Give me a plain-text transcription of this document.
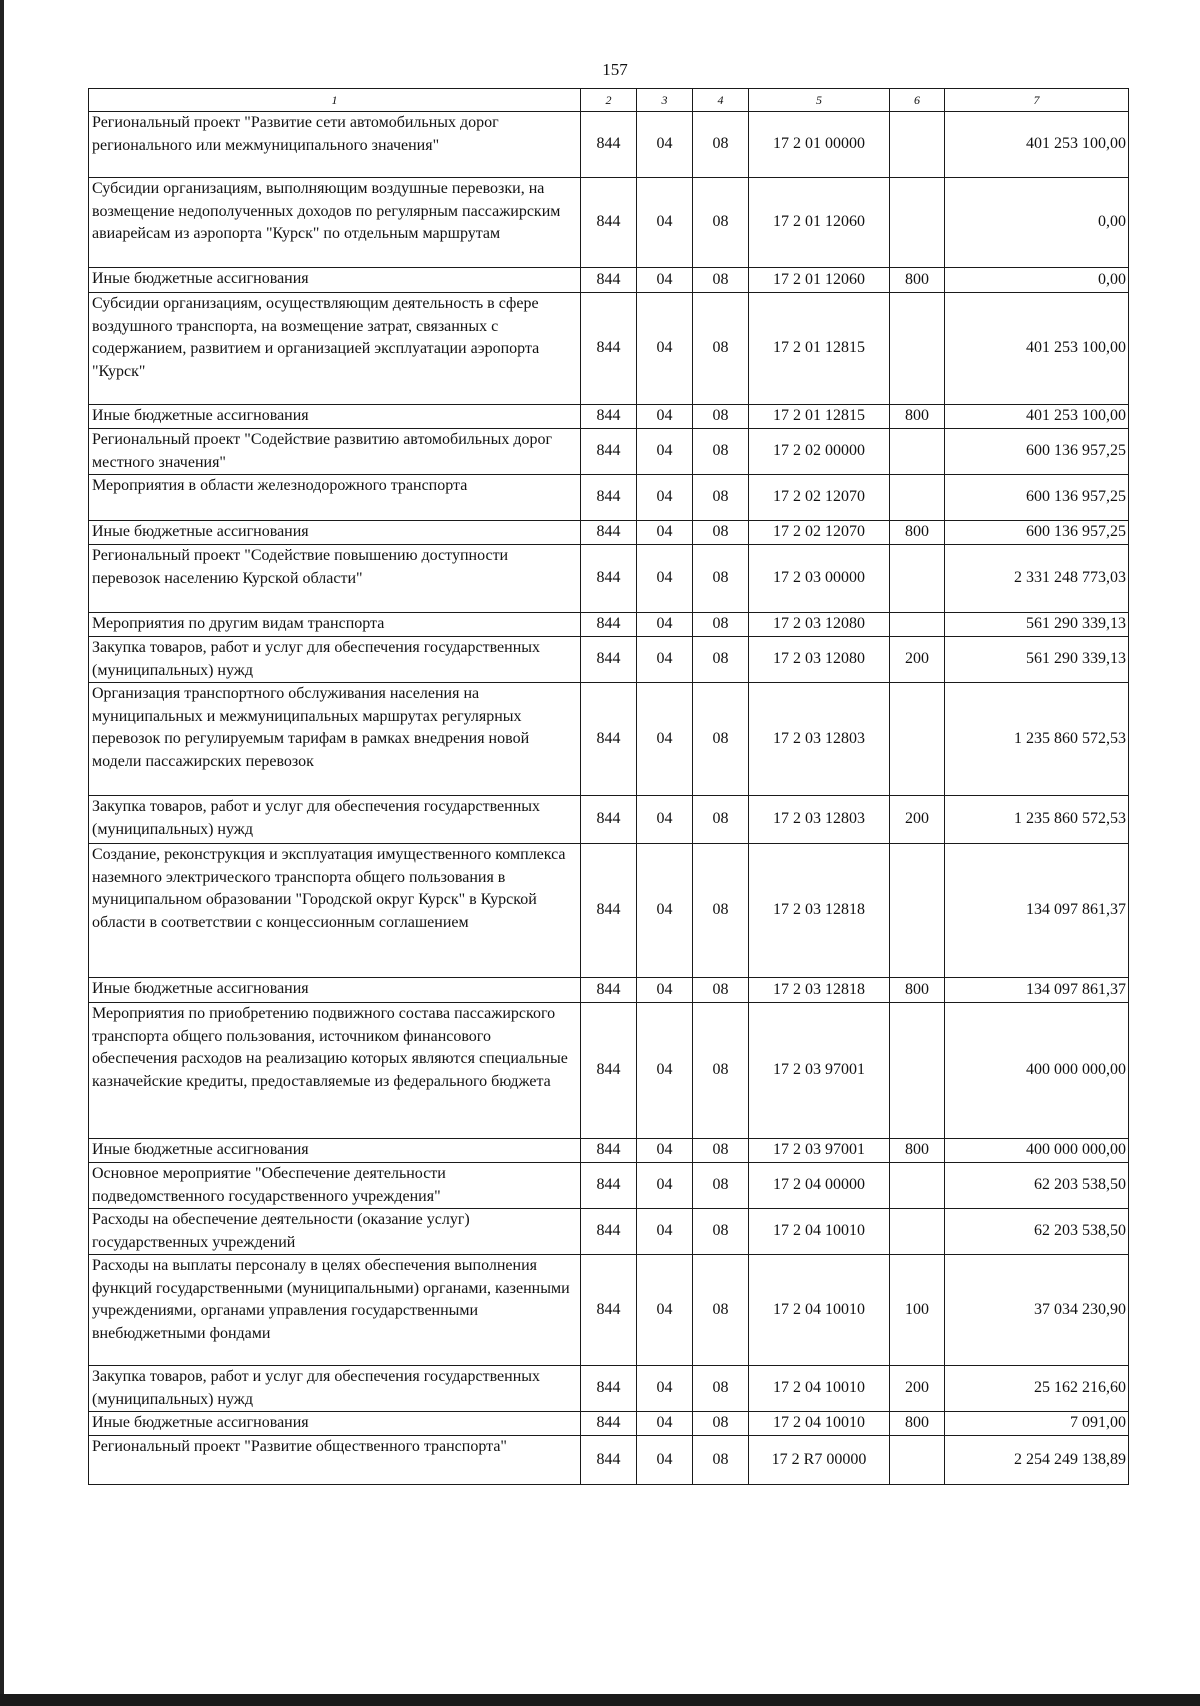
157
1	2	3	4	5	6	7
Региональный проект "Развитие сети автомобильных дорог регионального или межмуниципального значения"	844	04	08	17 2 01 00000		401 253 100,00
Субсидии организациям, выполняющим воздушные перевозки, на возмещение недополученных доходов по регулярным пассажирским авиарейсам из аэропорта "Курск" по отдельным маршрутам	844	04	08	17 2 01 12060		0,00
Иные бюджетные ассигнования	844	04	08	17 2 01 12060	800	0,00
Субсидии организациям, осуществляющим деятельность в сфере воздушного транспорта, на возмещение затрат, связанных с содержанием, развитием и организацией эксплуатации аэропорта "Курск"	844	04	08	17 2 01 12815		401 253 100,00
Иные бюджетные ассигнования	844	04	08	17 2 01 12815	800	401 253 100,00
Региональный проект "Содействие развитию автомобильных дорог местного значения"	844	04	08	17 2 02 00000		600 136 957,25
Мероприятия в области железнодорожного транспорта	844	04	08	17 2 02 12070		600 136 957,25
Иные бюджетные ассигнования	844	04	08	17 2 02 12070	800	600 136 957,25
Региональный проект "Содействие повышению доступности перевозок населению Курской области"	844	04	08	17 2 03 00000		2 331 248 773,03
Мероприятия по другим видам транспорта	844	04	08	17 2 03 12080		561 290 339,13
Закупка товаров, работ и услуг для обеспечения государственных (муниципальных) нужд	844	04	08	17 2 03 12080	200	561 290 339,13
Организация транспортного обслуживания населения на муниципальных и межмуниципальных маршрутах регулярных перевозок по регулируемым тарифам в рамках внедрения новой модели пассажирских перевозок	844	04	08	17 2 03 12803		1 235 860 572,53
Закупка товаров, работ и услуг для обеспечения государственных (муниципальных) нужд	844	04	08	17 2 03 12803	200	1 235 860 572,53
Создание, реконструкция и эксплуатация имущественного комплекса наземного электрического транспорта общего пользования в муниципальном образовании "Городской округ Курск" в Курской области в соответствии с концессионным соглашением	844	04	08	17 2 03 12818		134 097 861,37
Иные бюджетные ассигнования	844	04	08	17 2 03 12818	800	134 097 861,37
Мероприятия по приобретению подвижного состава пассажирского транспорта общего пользования, источником финансового обеспечения расходов на реализацию которых являются специальные казначейские кредиты, предоставляемые из федерального бюджета	844	04	08	17 2 03 97001		400 000 000,00
Иные бюджетные ассигнования	844	04	08	17 2 03 97001	800	400 000 000,00
Основное мероприятие "Обеспечение деятельности подведомственного государственного учреждения"	844	04	08	17 2 04 00000		62 203 538,50
Расходы на обеспечение деятельности (оказание услуг) государственных учреждений	844	04	08	17 2 04 10010		62 203 538,50
Расходы на выплаты персоналу в целях обеспечения выполнения функций государственными (муниципальными) органами, казенными учреждениями, органами управления государственными внебюджетными фондами	844	04	08	17 2 04 10010	100	37 034 230,90
Закупка товаров, работ и услуг для обеспечения государственных (муниципальных) нужд	844	04	08	17 2 04 10010	200	25 162 216,60
Иные бюджетные ассигнования	844	04	08	17 2 04 10010	800	7 091,00
Региональный проект "Развитие общественного транспорта"	844	04	08	17 2 R7 00000		2 254 249 138,89
